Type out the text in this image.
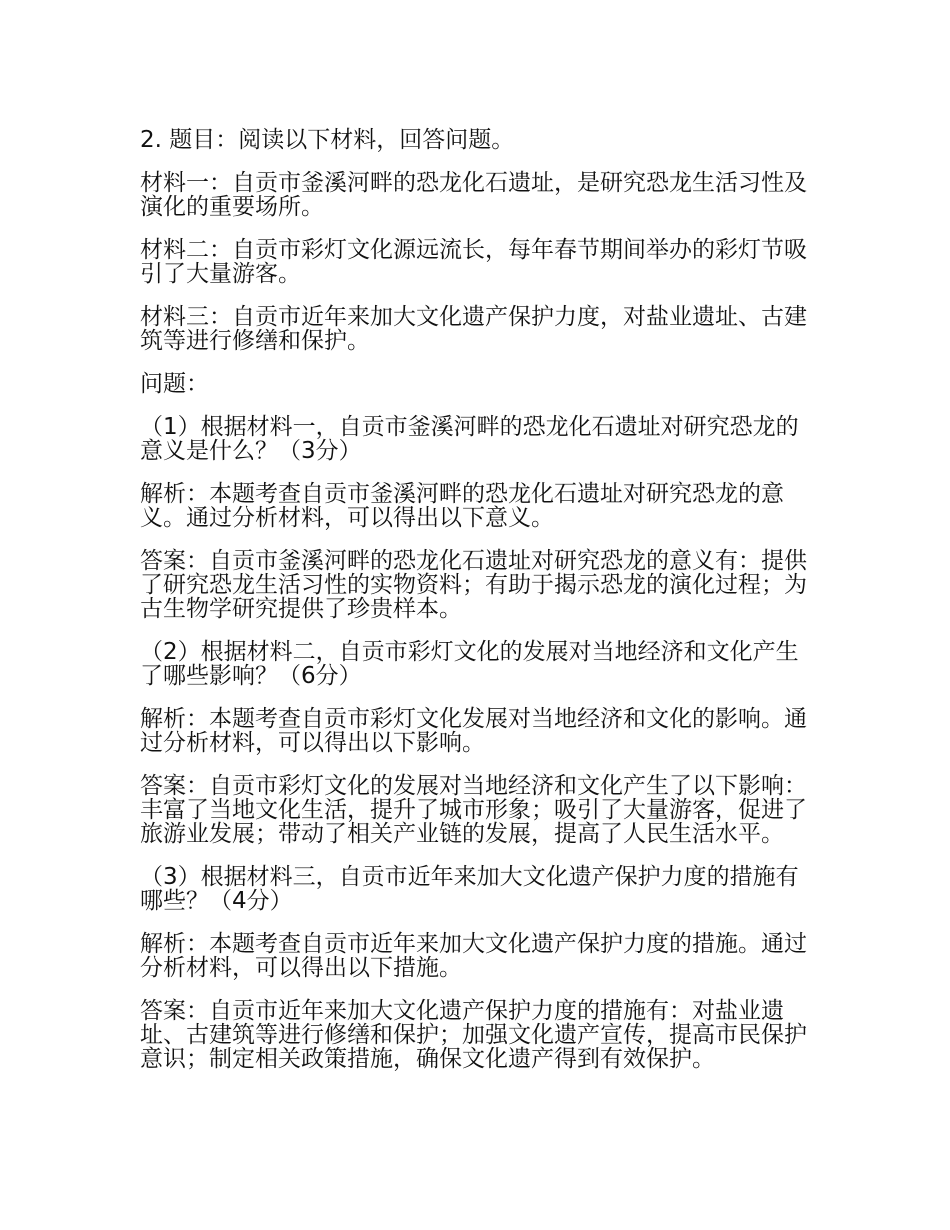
2. 题目：阅读以下材料，回答问题。

材料一：自贡市釜溪河畔的恐龙化石遗址，是研究恐龙生活习性及演化的重要场所。

材料二：自贡市彩灯文化源远流长，每年春节期间举办的彩灯节吸引了大量游客。

材料三：自贡市近年来加大文化遗产保护力度，对盐业遗址、古建筑等进行修缮和保护。

问题：

（1）根据材料一，自贡市釜溪河畔的恐龙化石遗址对研究恐龙的意义是什么？（3分）

解析：本题考查自贡市釜溪河畔的恐龙化石遗址对研究恐龙的意义。通过分析材料，可以得出以下意义。

答案：自贡市釜溪河畔的恐龙化石遗址对研究恐龙的意义有：提供了研究恐龙生活习性的实物资料；有助于揭示恐龙的演化过程；为古生物学研究提供了珍贵样本。

（2）根据材料二，自贡市彩灯文化的发展对当地经济和文化产生了哪些影响？（6分）

解析：本题考查自贡市彩灯文化发展对当地经济和文化的影响。通过分析材料，可以得出以下影响。

答案：自贡市彩灯文化的发展对当地经济和文化产生了以下影响：丰富了当地文化生活，提升了城市形象；吸引了大量游客，促进了旅游业发展；带动了相关产业链的发展，提高了人民生活水平。

（3）根据材料三，自贡市近年来加大文化遗产保护力度的措施有哪些？（4分）

解析：本题考查自贡市近年来加大文化遗产保护力度的措施。通过分析材料，可以得出以下措施。

答案：自贡市近年来加大文化遗产保护力度的措施有：对盐业遗址、古建筑等进行修缮和保护；加强文化遗产宣传，提高市民保护意识；制定相关政策措施，确保文化遗产得到有效保护。
